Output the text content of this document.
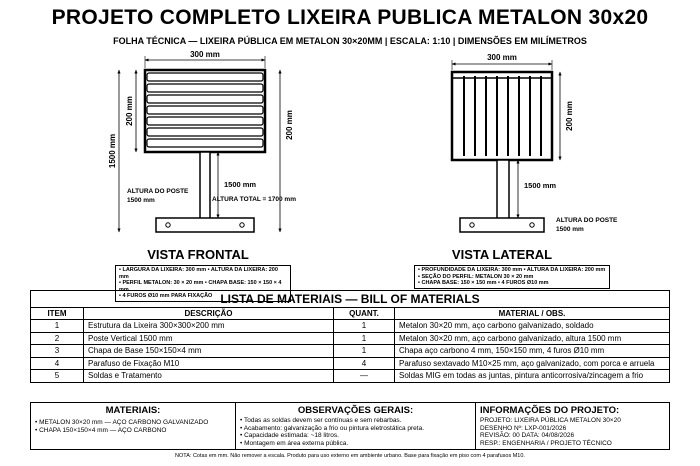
PROJETO COMPLETO LIXEIRA PUBLICA METALON 30x20
FOLHA TÉCNICA — LIXEIRA PÚBLICA EM METALON 30×20MM | ESCALA: 1:10 | DIMENSÕES EM MILÍMETROS
300 mm
200 mm
1500 mm
200 mm
1500 mm
ALTURA DO POSTE
1500 mm	ALTURA TOTAL = 1700 mm
VISTA FRONTAL
300 mm
200 mm
1500 mm
ALTURA DO POSTE
1500 mm
VISTA LATERAL
• LARGURA DA LIXEIRA: 300 mm • ALTURA DA LIXEIRA: 200 mm
• PERFIL METALON: 30 × 20 mm • CHAPA BASE: 150 × 150 × 4 mm
• 4 FUROS Ø10 mm PARA FIXAÇÃO
• PROFUNDIDADE DA LIXEIRA: 300 mm • ALTURA DA LIXEIRA: 200 mm
• SEÇÃO DO PERFIL: METALON 30 × 20 mm
• CHAPA BASE: 150 × 150 mm • 4 FUROS Ø10 mm
LISTA DE MATERIAIS — BILL OF MATERIALS			
ITEM	DESCRIÇÃO	QUANT.	MATERIAL / OBS.
1	Estrutura da Lixeira 300×300×200 mm	1	Metalon 30×20 mm, aço carbono galvanizado, soldado
2	Poste Vertical 1500 mm	1	Metalon 30×20 mm, aço carbono galvanizado, altura 1500 mm
3	Chapa de Base 150×150×4 mm	1	Chapa aço carbono 4 mm, 150×150 mm, 4 furos Ø10 mm
4	Parafuso de Fixação M10	4	Parafuso sextavado M10×25 mm, aço galvanizado, com porca e arruela
5	Soldas e Tratamento	—	Soldas MIG em todas as juntas, pintura anticorrosiva/zincagem a frio
MATERIAIS:
• METALON 30×20 mm — AÇO CARBONO GALVANIZADO
• CHAPA 150×150×4 mm — AÇO CARBONO
OBSERVAÇÕES GERAIS:
• Todas as soldas devem ser contínuas e sem rebarbas.
• Acabamento: galvanização a frio ou pintura eletrostática preta.
• Capacidade estimada: ~18 litros.
• Montagem em área externa pública.
INFORMAÇÕES DO PROJETO:
PROJETO: LIXEIRA PÚBLICA METALON 30×20
DESENHO Nº: LXP-001/2026
REVISÃO: 00 DATA: 04/08/2026
RESP.: ENGENHARIA / PROJETO TÉCNICO
NOTA: Cotas em mm. Não remover a escala. Produto para uso externo em ambiente urbano. Base para fixação em piso com 4 parafusos M10.
